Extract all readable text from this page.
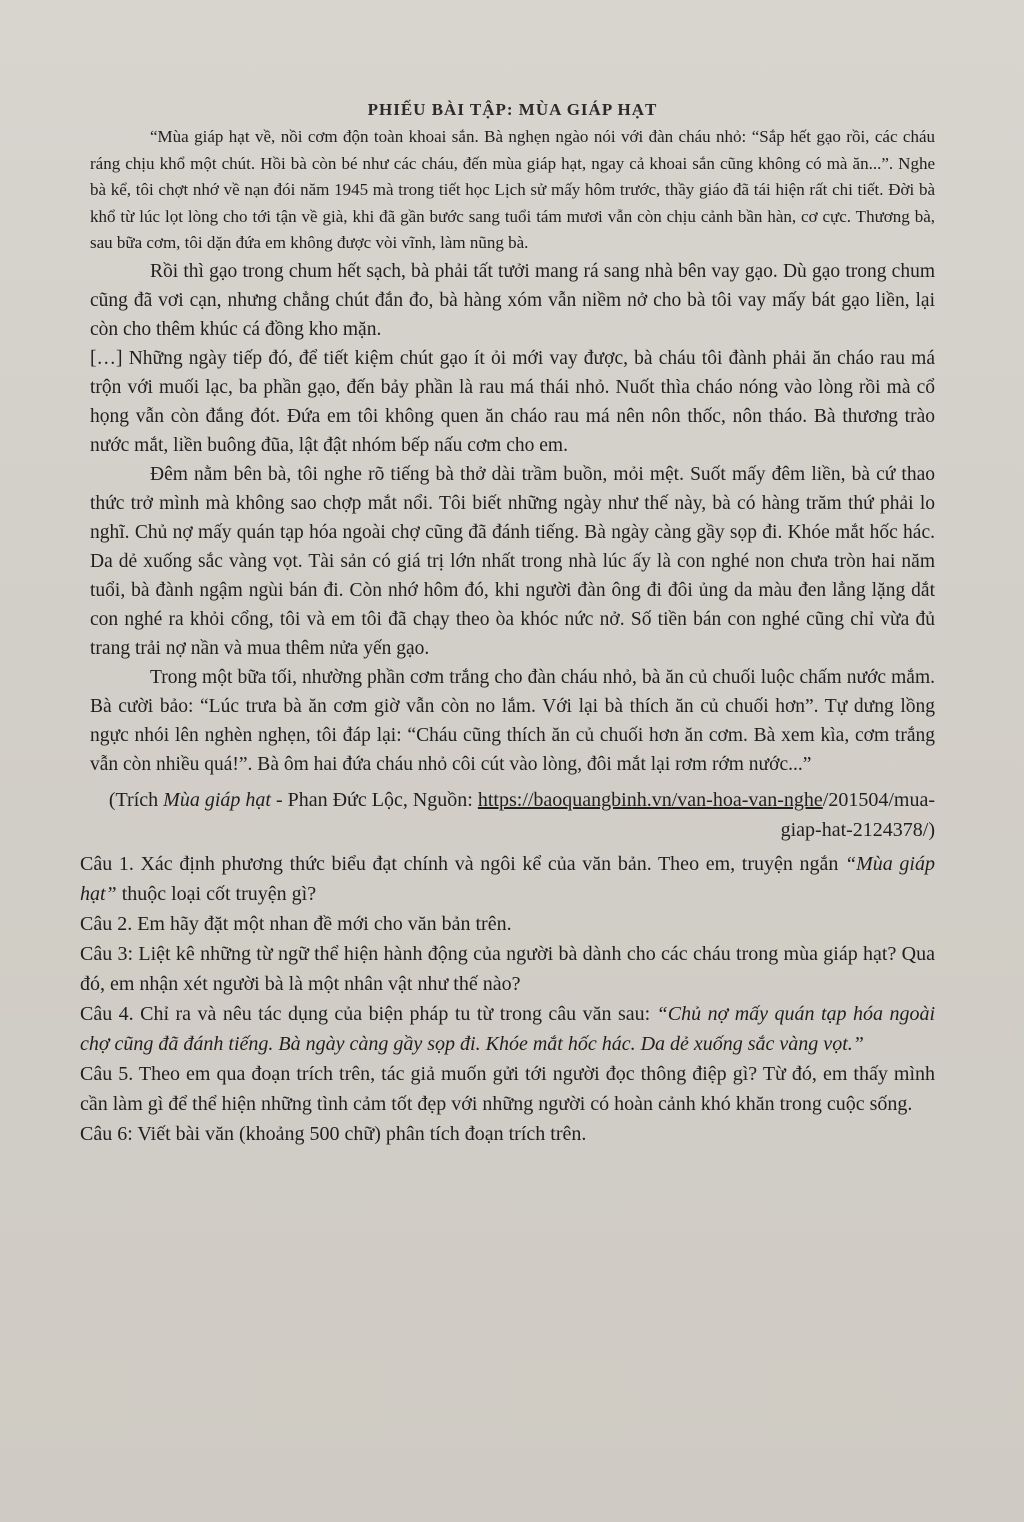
PHIẾU BÀI TẬP: MÙA GIÁP HẠT

“Mùa giáp hạt về, nồi cơm độn toàn khoai sắn. Bà nghẹn ngào nói với đàn cháu nhỏ: “Sắp hết gạo rồi, các cháu ráng chịu khổ một chút. Hồi bà còn bé như các cháu, đến mùa giáp hạt, ngay cả khoai sắn cũng không có mà ăn...”. Nghe bà kể, tôi chợt nhớ về nạn đói năm 1945 mà trong tiết học Lịch sử mấy hôm trước, thầy giáo đã tái hiện rất chi tiết. Đời bà khổ từ lúc lọt lòng cho tới tận về già, khi đã gần bước sang tuổi tám mươi vẫn còn chịu cảnh bần hàn, cơ cực. Thương bà, sau bữa cơm, tôi dặn đứa em không được vòi vĩnh, làm nũng bà.

Rồi thì gạo trong chum hết sạch, bà phải tất tưởi mang rá sang nhà bên vay gạo. Dù gạo trong chum cũng đã vơi cạn, nhưng chẳng chút đắn đo, bà hàng xóm vẫn niềm nở cho bà tôi vay mấy bát gạo liền, lại còn cho thêm khúc cá đồng kho mặn.

[…] Những ngày tiếp đó, để tiết kiệm chút gạo ít ỏi mới vay được, bà cháu tôi đành phải ăn cháo rau má trộn với muối lạc, ba phần gạo, đến bảy phần là rau má thái nhỏ. Nuốt thìa cháo nóng vào lòng rồi mà cổ họng vẫn còn đắng đót. Đứa em tôi không quen ăn cháo rau má nên nôn thốc, nôn tháo. Bà thương trào nước mắt, liền buông đũa, lật đật nhóm bếp nấu cơm cho em.

Đêm nằm bên bà, tôi nghe rõ tiếng bà thở dài trầm buồn, mỏi mệt. Suốt mấy đêm liền, bà cứ thao thức trở mình mà không sao chợp mắt nổi. Tôi biết những ngày như thế này, bà có hàng trăm thứ phải lo nghĩ. Chủ nợ mấy quán tạp hóa ngoài chợ cũng đã đánh tiếng. Bà ngày càng gầy sọp đi. Khóe mắt hốc hác. Da dẻ xuống sắc vàng vọt. Tài sản có giá trị lớn nhất trong nhà lúc ấy là con nghé non chưa tròn hai năm tuổi, bà đành ngậm ngùi bán đi. Còn nhớ hôm đó, khi người đàn ông đi đôi ủng da màu đen lẳng lặng dắt con nghé ra khỏi cổng, tôi và em tôi đã chạy theo òa khóc nức nở. Số tiền bán con nghé cũng chỉ vừa đủ trang trải nợ nần và mua thêm nửa yến gạo.

Trong một bữa tối, nhường phần cơm trắng cho đàn cháu nhỏ, bà ăn củ chuối luộc chấm nước mắm. Bà cười bảo: “Lúc trưa bà ăn cơm giờ vẫn còn no lắm. Với lại bà thích ăn củ chuối hơn”. Tự dưng lồng ngực nhói lên nghèn nghẹn, tôi đáp lại: “Cháu cũng thích ăn củ chuối hơn ăn cơm. Bà xem kìa, cơm trắng vẫn còn nhiều quá!”. Bà ôm hai đứa cháu nhỏ côi cút vào lòng, đôi mắt lại rơm rớm nước...”

(Trích Mùa giáp hạt - Phan Đức Lộc, Nguồn: https://baoquangbinh.vn/van-hoa-van-nghe/201504/mua-giap-hat-2124378/)

Câu 1. Xác định phương thức biểu đạt chính và ngôi kể của văn bản. Theo em, truyện ngắn “Mùa giáp hạt” thuộc loại cốt truyện gì?

Câu 2. Em hãy đặt một nhan đề mới cho văn bản trên.

Câu 3: Liệt kê những từ ngữ thể hiện hành động của người bà dành cho các cháu trong mùa giáp hạt? Qua đó, em nhận xét người bà là một nhân vật như thế nào?

Câu 4. Chỉ ra và nêu tác dụng của biện pháp tu từ trong câu văn sau: “Chủ nợ mấy quán tạp hóa ngoài chợ cũng đã đánh tiếng. Bà ngày càng gầy sọp đi. Khóe mắt hốc hác. Da dẻ xuống sắc vàng vọt.”

Câu 5. Theo em qua đoạn trích trên, tác giả muốn gửi tới người đọc thông điệp gì? Từ đó, em thấy mình cần làm gì để thể hiện những tình cảm tốt đẹp với những người có hoàn cảnh khó khăn trong cuộc sống.

Câu 6: Viết bài văn (khoảng 500 chữ) phân tích đoạn trích trên.
